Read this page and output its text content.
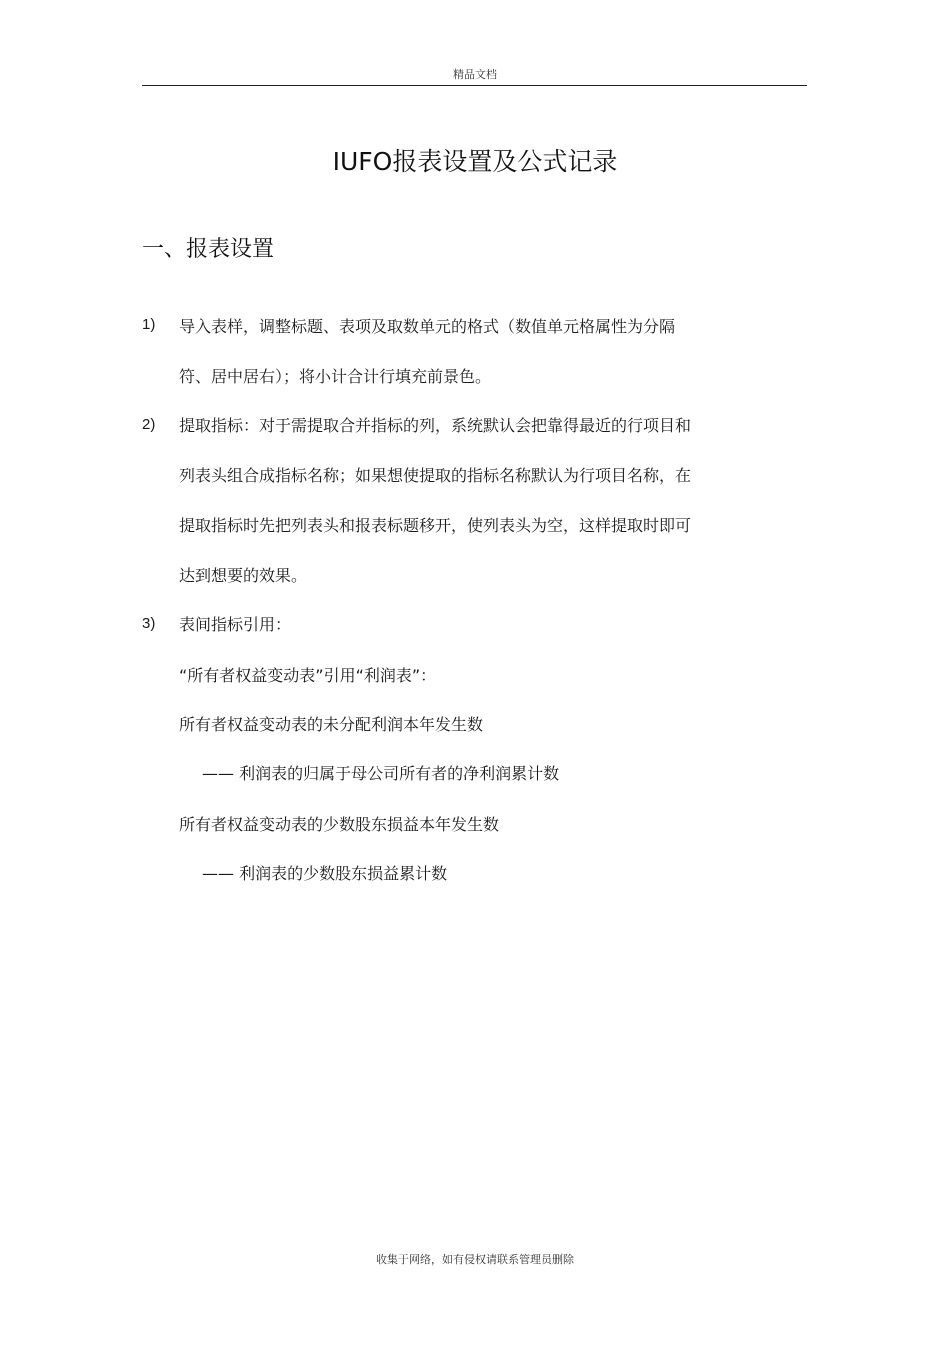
精品文档
IUFO报表设置及公式记录
一、报表设置
1) 导入表样，调整标题、表项及取数单元的格式（数值单元格属性为分隔
符、居中居右）；将小计合计行填充前景色。
2) 提取指标：对于需提取合并指标的列，系统默认会把靠得最近的行项目和
列表头组合成指标名称；如果想使提取的指标名称默认为行项目名称，在
提取指标时先把列表头和报表标题移开，使列表头为空，这样提取时即可
达到想要的效果。
3) 表间指标引用：
“所有者权益变动表”引用“利润表”：
所有者权益变动表的未分配利润本年发生数
—— 利润表的归属于母公司所有者的净利润累计数
所有者权益变动表的少数股东损益本年发生数
—— 利润表的少数股东损益累计数
收集于网络，如有侵权请联系管理员删除
